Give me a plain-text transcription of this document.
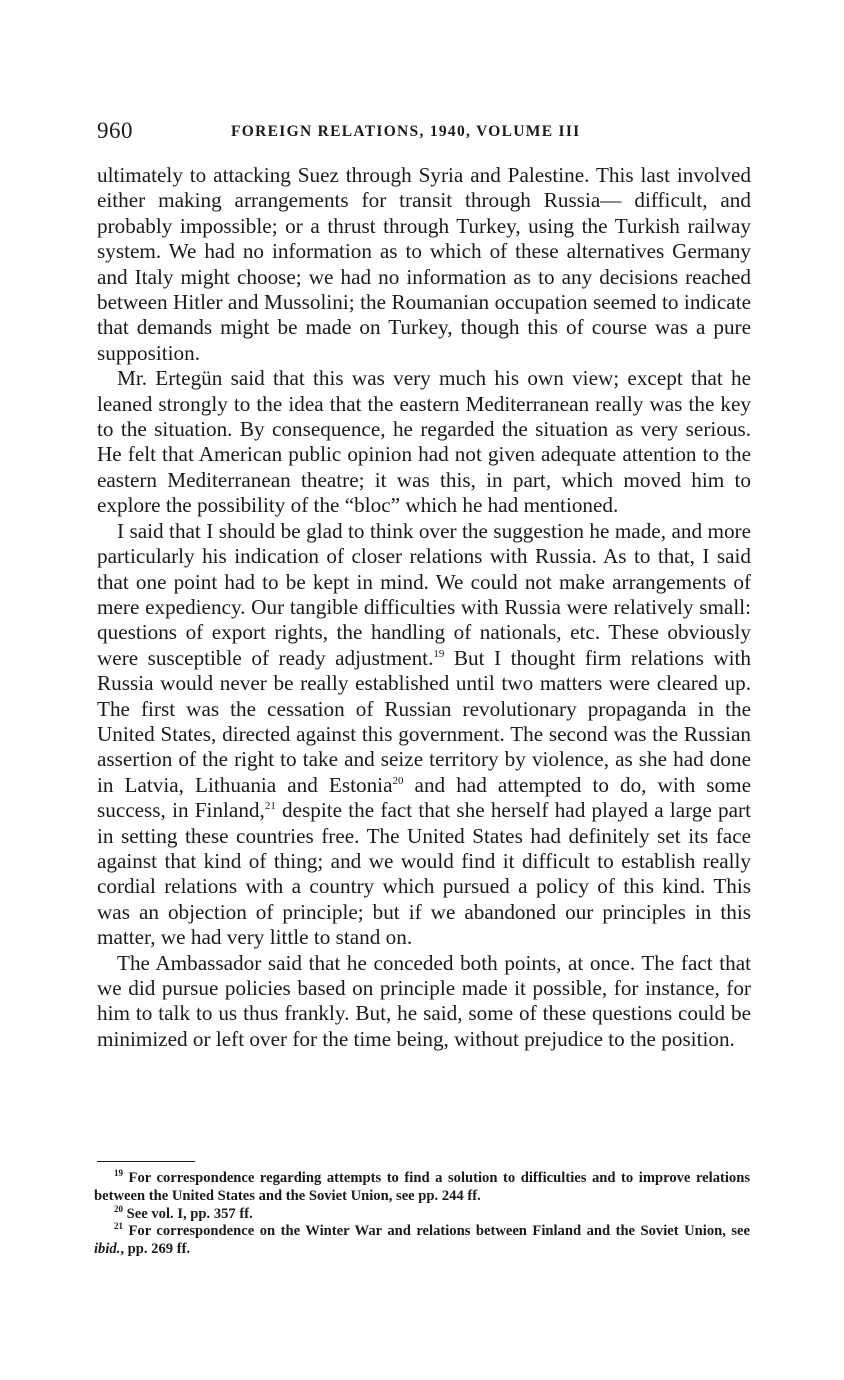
960	FOREIGN RELATIONS, 1940, VOLUME III

ultimately to attacking Suez through Syria and Palestine. This last involved either making arrangements for transit through Russia— difficult, and probably impossible; or a thrust through Turkey, using the Turkish railway system. We had no information as to which of these alternatives Germany and Italy might choose; we had no information as to any decisions reached between Hitler and Mussolini; the Roumanian occupation seemed to indicate that demands might be made on Turkey, though this of course was a pure supposition.

Mr. Ertegün said that this was very much his own view; except that he leaned strongly to the idea that the eastern Mediterranean really was the key to the situation. By consequence, he regarded the situation as very serious. He felt that American public opinion had not given adequate attention to the eastern Mediterranean theatre; it was this, in part, which moved him to explore the possibility of the “bloc” which he had mentioned.

I said that I should be glad to think over the suggestion he made, and more particularly his indication of closer relations with Russia. As to that, I said that one point had to be kept in mind. We could not make arrangements of mere expediency. Our tangible difficulties with Russia were relatively small: questions of export rights, the handling of nationals, etc. These obviously were susceptible of ready adjustment.$^{19}$ But I thought firm relations with Russia would never be really established until two matters were cleared up. The first was the cessation of Russian revolutionary propaganda in the United States, directed against this government. The second was the Russian assertion of the right to take and seize territory by violence, as she had done in Latvia, Lithuania and Estonia$^{20}$ and had attempted to do, with some success, in Finland,$^{21}$ despite the fact that she herself had played a large part in setting these countries free. The United States had definitely set its face against that kind of thing; and we would find it difficult to establish really cordial relations with a country which pursued a policy of this kind. This was an objection of principle; but if we abandoned our principles in this matter, we had very little to stand on.

The Ambassador said that he conceded both points, at once. The fact that we did pursue policies based on principle made it possible, for instance, for him to talk to us thus frankly. But, he said, some of these questions could be minimized or left over for the time being, without prejudice to the position.

$^{19}$ For correspondence regarding attempts to find a solution to difficulties and to improve relations between the United States and the Soviet Union, see pp. 244 ff.

$^{20}$ See vol. I, pp. 357 ff.

$^{21}$ For correspondence on the Winter War and relations between Finland and the Soviet Union, see ibid., pp. 269 ff.
